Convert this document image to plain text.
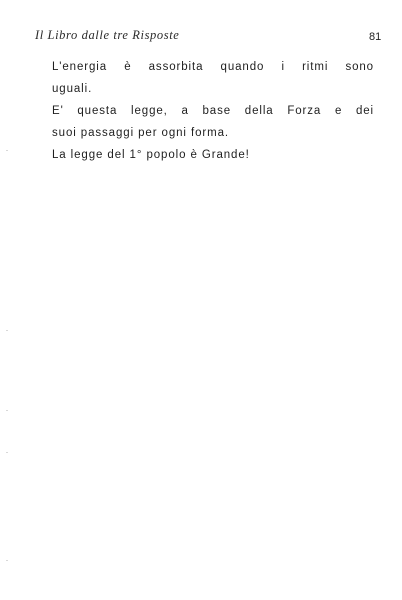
Il Libro dalle tre Risposte	81
L'energia è assorbita quando i ritmi sono
uguali.
E' questa legge, a base della Forza e dei
suoi passaggi per ogni forma.
La legge del 1° popolo è Grande!
